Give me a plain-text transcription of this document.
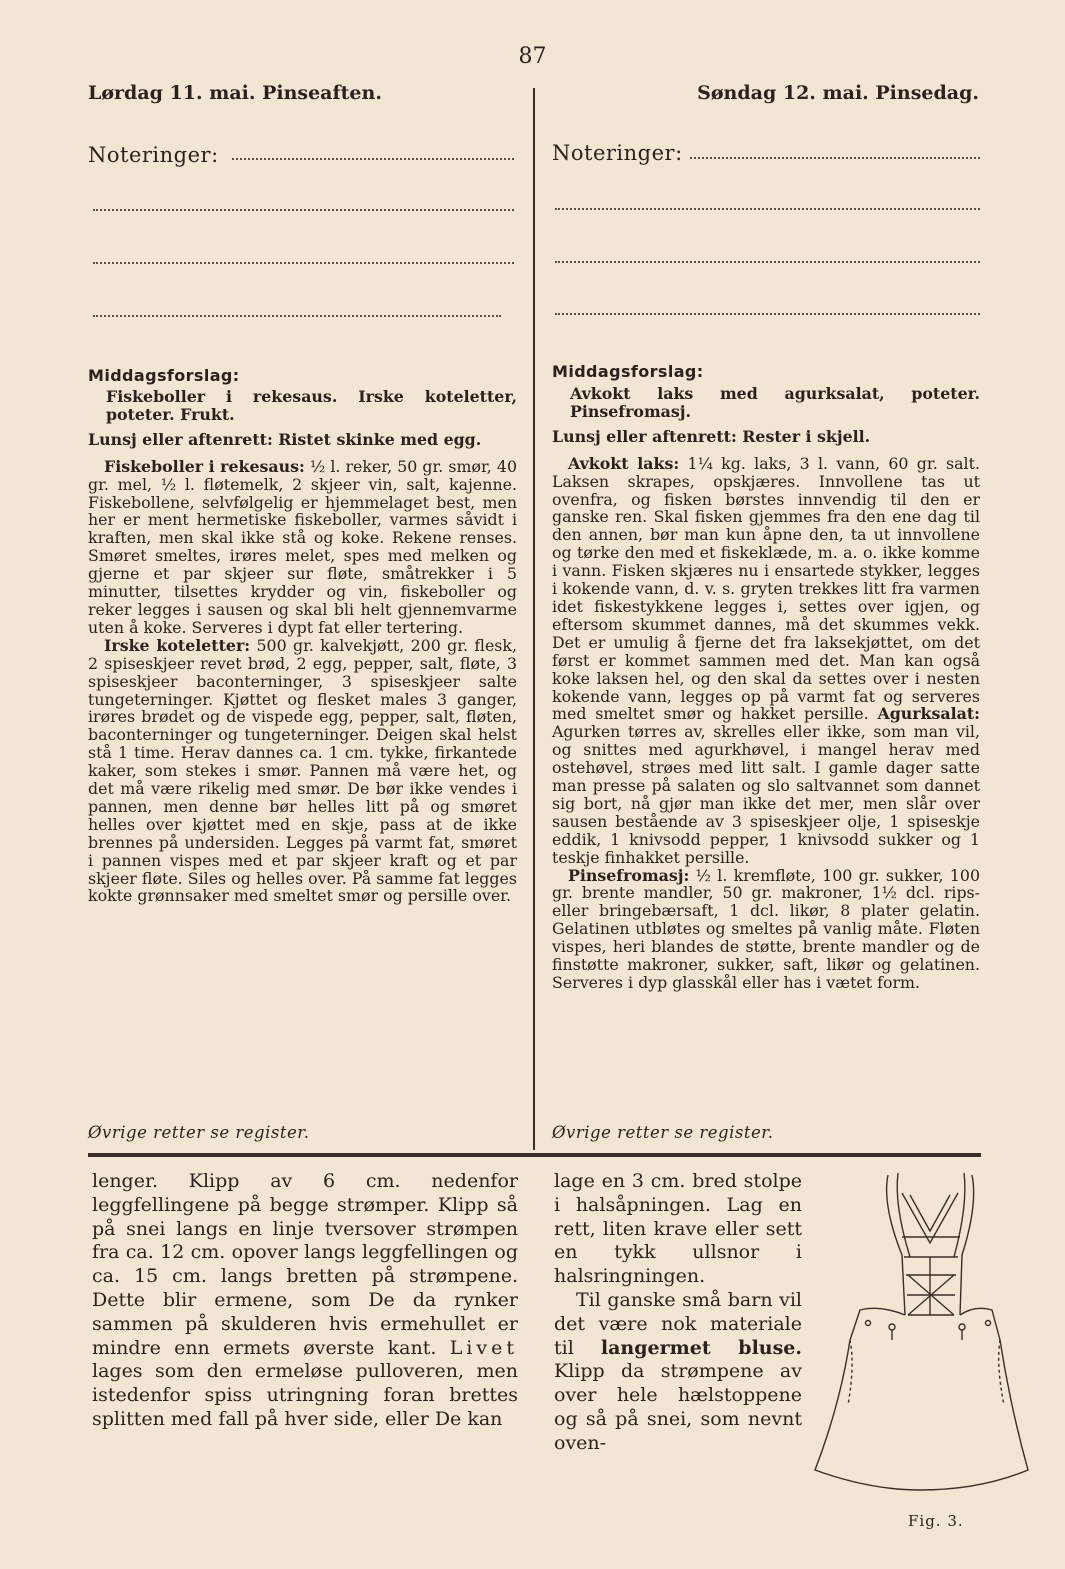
87
Lørdag 11. mai. Pinseaften.	Søndag 12. mai. Pinsedag.
Noteringer:	Noteringer:
Middagsforslag:

Fiskeboller i rekesaus. Irske koteletter, poteter. Frukt.

Lunsj eller aftenrett: Ristet skinke med egg.

Fiskeboller i rekesaus: ½ l. reker, 50 gr. smør, 40 gr. mel, ½ l. fløtemelk, 2 skjeer vin, salt, kajenne. Fiskebollene, selvfølgelig er hjemmelaget best, men her er ment hermetiske fiskeboller, varmes såvidt i kraften, men skal ikke stå og koke. Rekene renses. Smøret smeltes, irøres melet, spes med melken og gjerne et par skjeer sur fløte, småtrekker i 5 minutter, tilsettes krydder og vin, fiskeboller og reker legges i sausen og skal bli helt gjennemvarme uten å koke. Serveres i dypt fat eller tertering.

Irske koteletter: 500 gr. kalvekjøtt, 200 gr. flesk, 2 spiseskjeer revet brød, 2 egg, pepper, salt, fløte, 3 spiseskjeer baconterninger, 3 spiseskjeer salte tungeterninger. Kjøttet og flesket males 3 ganger, irøres brødet og de vispede egg, pepper, salt, fløten, baconterninger og tungeterninger. Deigen skal helst stå 1 time. Herav dannes ca. 1 cm. tykke, firkantede kaker, som stekes i smør. Pannen må være het, og det må være rikelig med smør. De bør ikke vendes i pannen, men denne bør helles litt på og smøret helles over kjøttet med en skje, pass at de ikke brennes på undersiden. Legges på varmt fat, smøret i pannen vispes med et par skjeer kraft og et par skjeer fløte. Siles og helles over. På samme fat legges kokte grønnsaker med smeltet smør og persille over.

Øvrige retter se register.
Middagsforslag:

Avkokt laks med agurksalat, poteter. Pinsefromasj.

Lunsj eller aftenrett: Rester i skjell.

Avkokt laks: 1¼ kg. laks, 3 l. vann, 60 gr. salt. Laksen skrapes, opskjæres. Innvollene tas ut ovenfra, og fisken børstes innvendig til den er ganske ren. Skal fisken gjemmes fra den ene dag til den annen, bør man kun åpne den, ta ut innvollene og tørke den med et fiskeklæde, m. a. o. ikke komme i vann. Fisken skjæres nu i ensartede stykker, legges i kokende vann, d. v. s. gryten trekkes litt fra varmen idet fiskestykkene legges i, settes over igjen, og eftersom skummet dannes, må det skummes vekk. Det er umulig å fjerne det fra laksekjøttet, om det først er kommet sammen med det. Man kan også koke laksen hel, og den skal da settes over i nesten kokende vann, legges op på varmt fat og serveres med smeltet smør og hakket persille. Agurksalat: Agurken tørres av, skrelles eller ikke, som man vil, og snittes med agurkhøvel, i mangel herav med ostehøvel, strøes med litt salt. I gamle dager satte man presse på salaten og slo saltvannet som dannet sig bort, nå gjør man ikke det mer, men slår over sausen bestående av 3 spiseskjeer olje, 1 spiseskje eddik, 1 knivsodd pepper, 1 knivsodd sukker og 1 teskje finhakket persille.

Pinsefromasj: ½ l. kremfløte, 100 gr. sukker, 100 gr. brente mandler, 50 gr. makroner, 1½ dcl. rips- eller bringebærsaft, 1 dcl. likør, 8 plater gelatin. Gelatinen utbløtes og smeltes på vanlig måte. Fløten vispes, heri blandes de støtte, brente mandler og de finstøtte makroner, sukker, saft, likør og gelatinen. Serveres i dyp glasskål eller has i vætet form.

Øvrige retter se register.

lenger. Klipp av 6 cm. nedenfor leggfellingene på begge strømper. Klipp så på snei langs en linje tversover strømpen fra ca. 12 cm. opover langs leggfellingen og ca. 15 cm. langs bretten på strømpene. Dette blir ermene, som De da rynker sammen på skulderen hvis ermehullet er mindre enn ermets øverste kant. Livet lages som den ermeløse pulloveren, men istedenfor spiss utringning foran brettes splitten med fall på hver side, eller De kan

lage en 3 cm. bred stolpe i halsåpningen. Lag en rett, liten krave eller sett en tykk ullsnor i halsringningen.

Til ganske små barn vil det være nok materiale til langermet bluse. Klipp da strømpene av over hele hælstoppene og så på snei, som nevnt oven-

Fig. 3.
